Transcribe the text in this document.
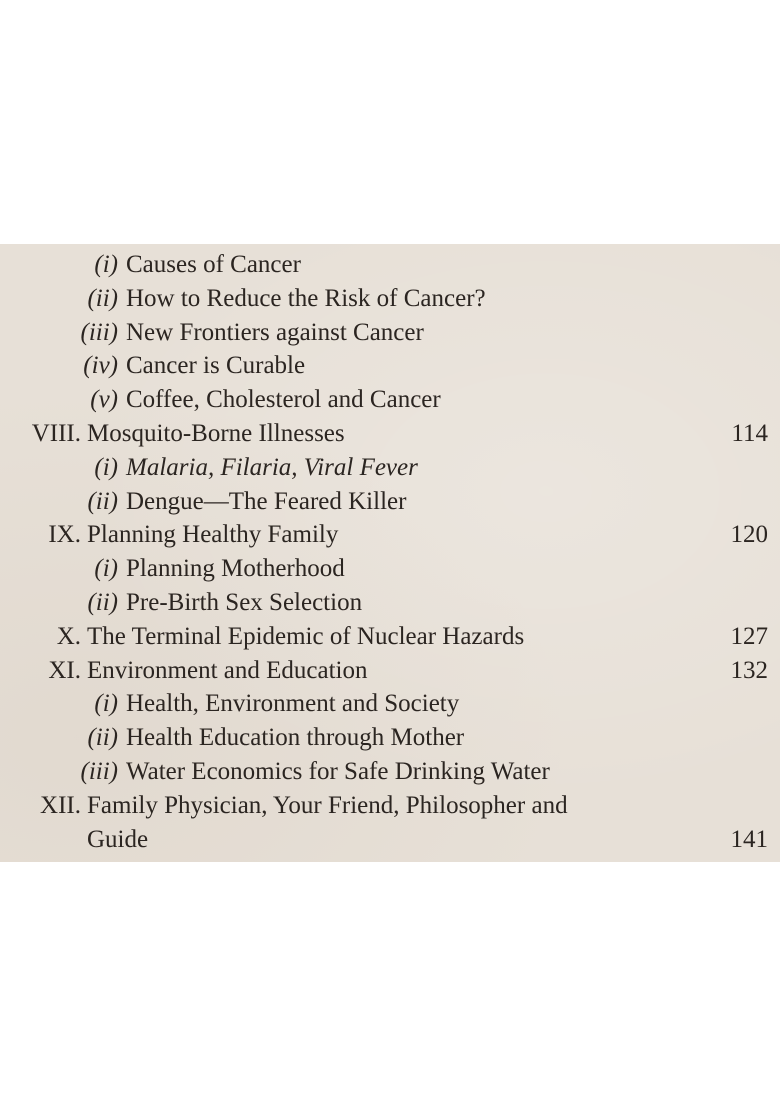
(i) Causes of Cancer
(ii) How to Reduce the Risk of Cancer?
(iii) New Frontiers against Cancer
(iv) Cancer is Curable
(v) Coffee, Cholesterol and Cancer
VIII. Mosquito-Borne Illnesses	114
(i) Malaria, Filaria, Viral Fever
(ii) Dengue—The Feared Killer
IX. Planning Healthy Family	120
(i) Planning Motherhood
(ii) Pre-Birth Sex Selection
X. The Terminal Epidemic of Nuclear Hazards	127
XI. Environment and Education	132
(i) Health, Environment and Society
(ii) Health Education through Mother
(iii) Water Economics for Safe Drinking Water
XII. Family Physician, Your Friend, Philosopher and
Guide	141
